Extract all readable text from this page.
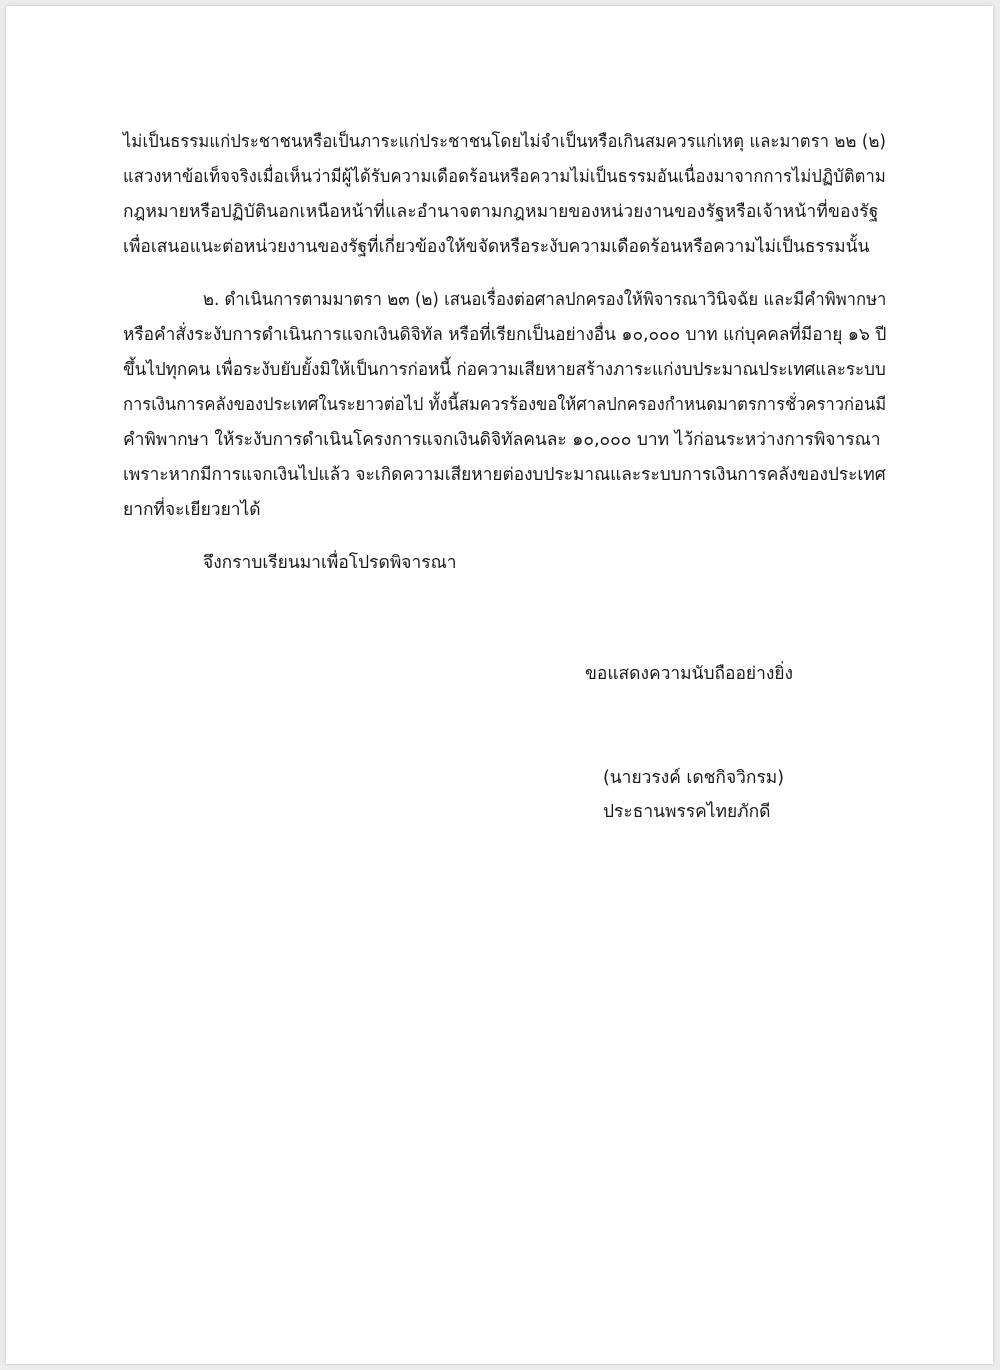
ไม่เป็นธรรมแก่ประชาชนหรือเป็นภาระแก่ประชาชนโดยไม่จำเป็นหรือเกินสมควรแก่เหตุ และมาตรา ๒๒ (๒)
แสวงหาข้อเท็จจริงเมื่อเห็นว่ามีผู้ได้รับความเดือดร้อนหรือความไม่เป็นธรรมอันเนื่องมาจากการไม่ปฏิบัติตาม
กฎหมายหรือปฏิบัตินอกเหนือหน้าที่และอำนาจตามกฎหมายของหน่วยงานของรัฐหรือเจ้าหน้าที่ของรัฐ
เพื่อเสนอแนะต่อหน่วยงานของรัฐที่เกี่ยวข้องให้ขจัดหรือระงับความเดือดร้อนหรือความไม่เป็นธรรมนั้น
๒. ดำเนินการตามมาตรา ๒๓ (๒) เสนอเรื่องต่อศาลปกครองให้พิจารณาวินิจฉัย และมีคำพิพากษา
หรือคำสั่งระงับการดำเนินการแจกเงินดิจิทัล หรือที่เรียกเป็นอย่างอื่น ๑๐,๐๐๐ บาท แก่บุคคลที่มีอายุ ๑๖ ปี
ขึ้นไปทุกคน เพื่อระงับยับยั้งมิให้เป็นการก่อหนี้ ก่อความเสียหายสร้างภาระแก่งบประมาณประเทศและระบบ
การเงินการคลังของประเทศในระยาวต่อไป ทั้งนี้สมควรร้องขอให้ศาลปกครองกำหนดมาตรการชั่วคราวก่อนมี
คำพิพากษา ให้ระงับการดำเนินโครงการแจกเงินดิจิทัลคนละ ๑๐,๐๐๐ บาท ไว้ก่อนระหว่างการพิจารณา
เพราะหากมีการแจกเงินไปแล้ว จะเกิดความเสียหายต่องบประมาณและระบบการเงินการคลังของประเทศ
ยากที่จะเยียวยาได้
จึงกราบเรียนมาเพื่อโปรดพิจารณา
ขอแสดงความนับถืออย่างยิ่ง
(นายวรงค์ เดชกิจวิกรม)
ประธานพรรคไทยภักดี
